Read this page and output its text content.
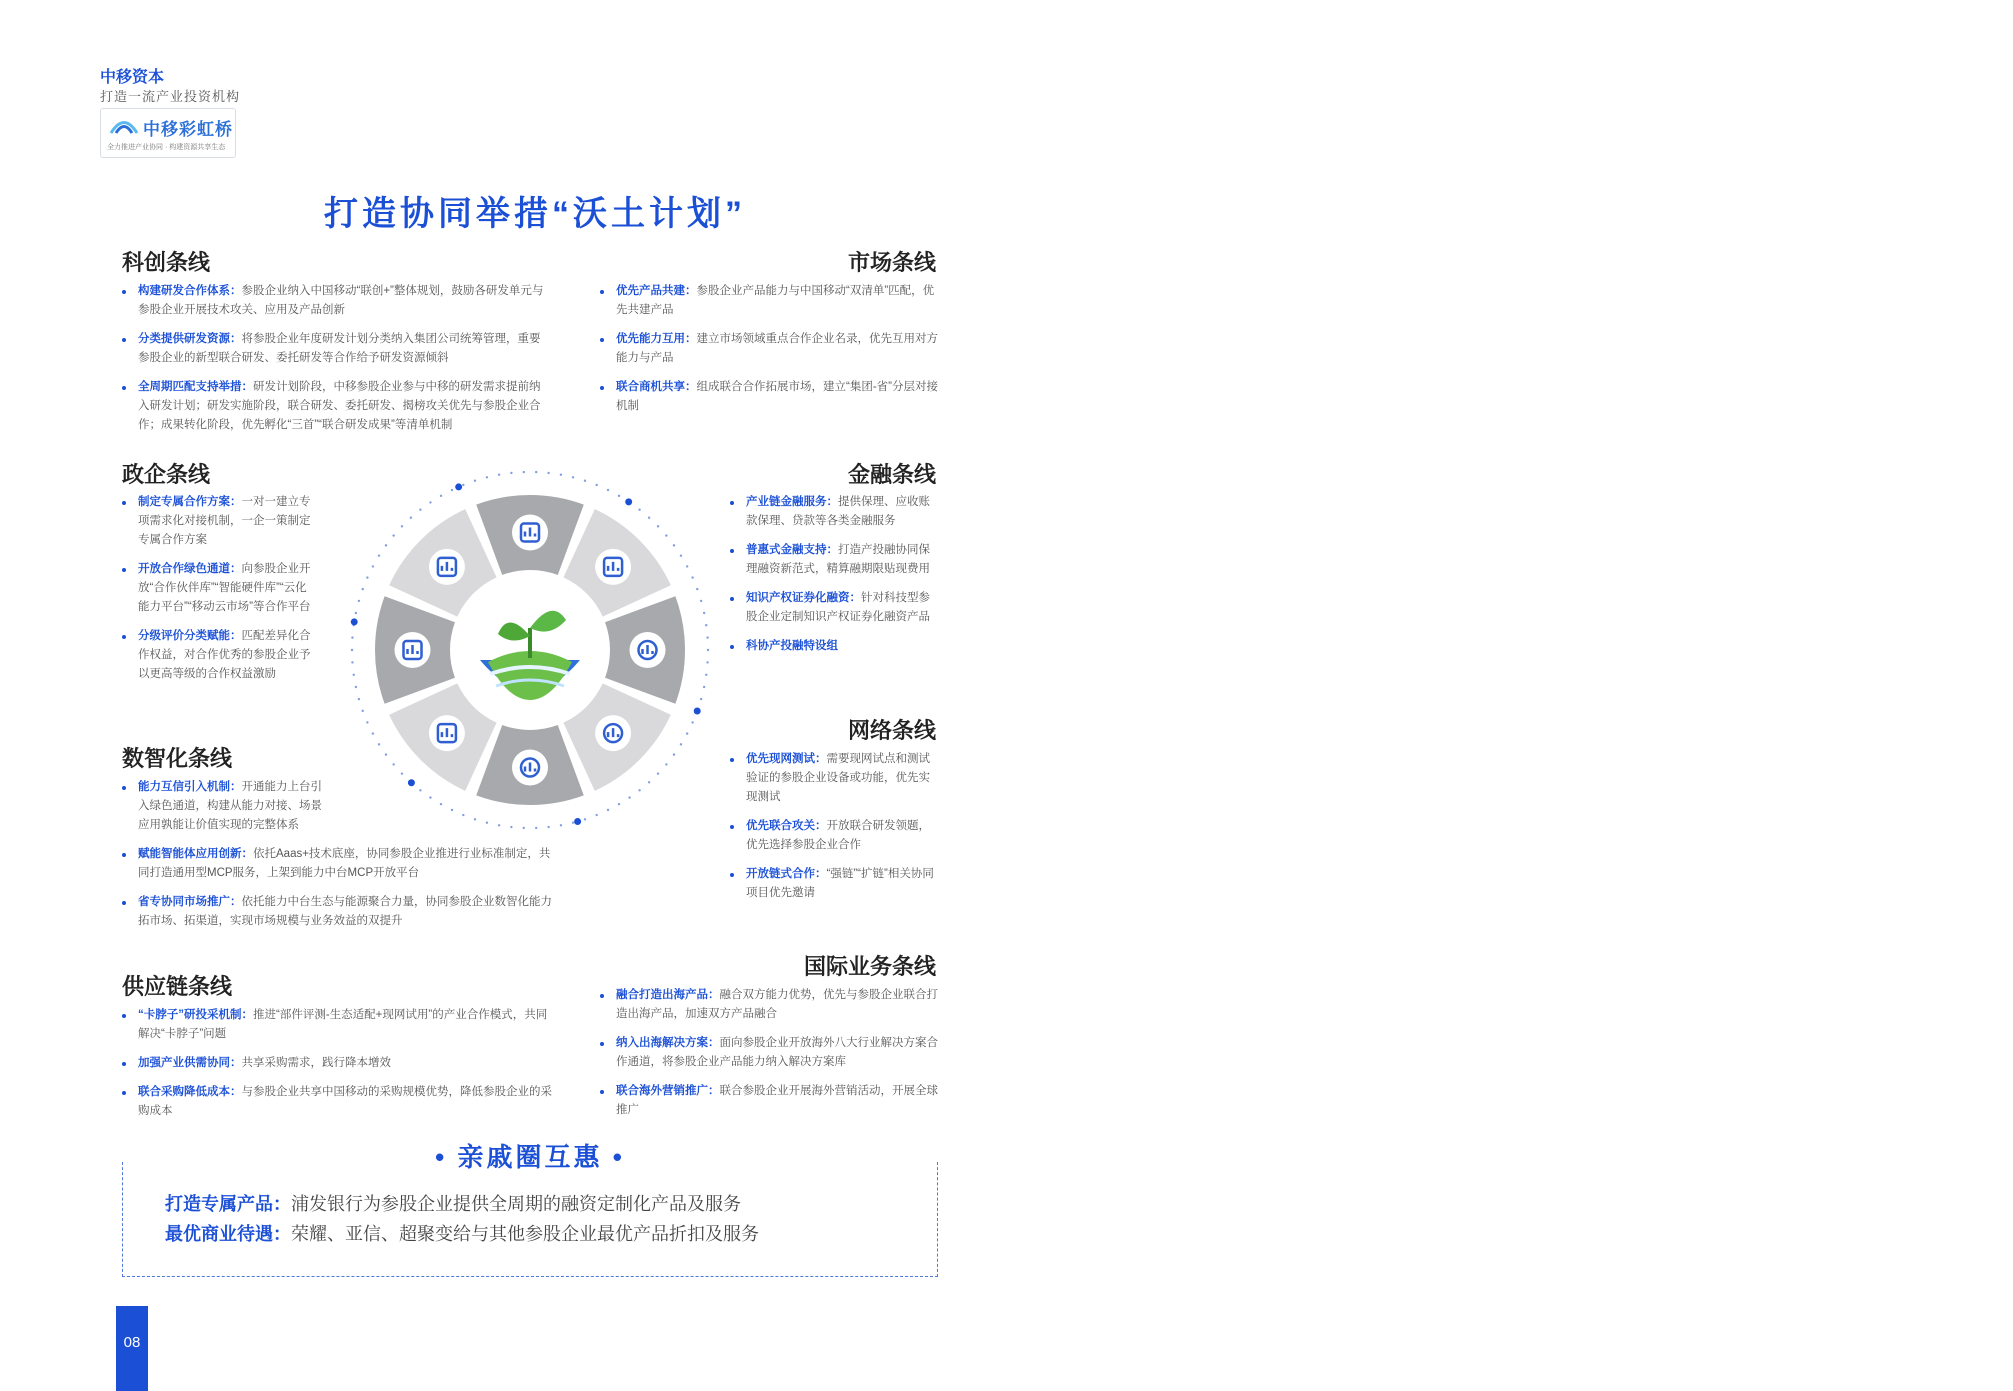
中移资本
打造一流产业投资机构
中移彩虹桥
全力推进产业协同 · 构建资源共享生态
打造协同举措“沃土计划”
科创条线
构建研发合作体系：参股企业纳入中国移动“联创+”整体规划，鼓励各研发单元与参股企业开展技术攻关、应用及产品创新
分类提供研发资源：将参股企业年度研发计划分类纳入集团公司统筹管理，重要参股企业的新型联合研发、委托研发等合作给予研发资源倾斜
全周期匹配支持举措：研发计划阶段，中移参股企业参与中移的研发需求提前纳入研发计划；研发实施阶段，联合研发、委托研发、揭榜攻关优先与参股企业合作；成果转化阶段，优先孵化“三首”“联合研发成果”等清单机制
市场条线
优先产品共建：参股企业产品能力与中国移动“双清单”匹配，优先共建产品
优先能力互用：建立市场领域重点合作企业名录，优先互用对方能力与产品
联合商机共享：组成联合合作拓展市场，建立“集团-省”分层对接机制
政企条线
制定专属合作方案：一对一建立专项需求化对接机制，一企一策制定专属合作方案
开放合作绿色通道：向参股企业开放“合作伙伴库”“智能硬件库”“云化能力平台”“移动云市场”等合作平台
分级评价分类赋能：匹配差异化合作权益，对合作优秀的参股企业予以更高等级的合作权益激励
金融条线
产业链金融服务：提供保理、应收账款保理、贷款等各类金融服务
普惠式金融支持：打造产投融协同保理融资新范式，精算融期限贴现费用
知识产权证券化融资：针对科技型参股企业定制知识产权证券化融资产品
科协产投融特设组
数智化条线
能力互信引入机制：开通能力上台引入绿色通道，构建从能力对接、场景应用孰能让价值实现的完整体系
赋能智能体应用创新：依托Aaas+技术底座，协同参股企业推进行业标准制定，共同打造通用型MCP服务，上架到能力中台MCP开放平台
省专协同市场推广：依托能力中台生态与能源聚合力量，协同参股企业数智化能力拓市场、拓渠道，实现市场规模与业务效益的双提升
网络条线
优先现网测试：需要现网试点和测试验证的参股企业设备或功能，优先实现测试
优先联合攻关：开放联合研发领题，优先选择参股企业合作
开放链式合作：“强链”“扩链”相关协同项目优先邀请
供应链条线
“卡脖子”研投采机制：推进“部件评测-生态适配+现网试用”的产业合作模式，共同解决“卡脖子”问题
加强产业供需协同：共享采购需求，践行降本增效
联合采购降低成本：与参股企业共享中国移动的采购规模优势，降低参股企业的采购成本
国际业务条线
融合打造出海产品：融合双方能力优势，优先与参股企业联合打造出海产品，加速双方产品融合
纳入出海解决方案：面向参股企业开放海外八大行业解决方案合作通道，将参股企业产品能力纳入解决方案库
联合海外营销推广：联合参股企业开展海外营销活动，开展全球推广
• 亲戚圈互惠 •
打造专属产品：浦发银行为参股企业提供全周期的融资定制化产品及服务
最优商业待遇：荣耀、亚信、超聚变给与其他参股企业最优产品折扣及服务
08
